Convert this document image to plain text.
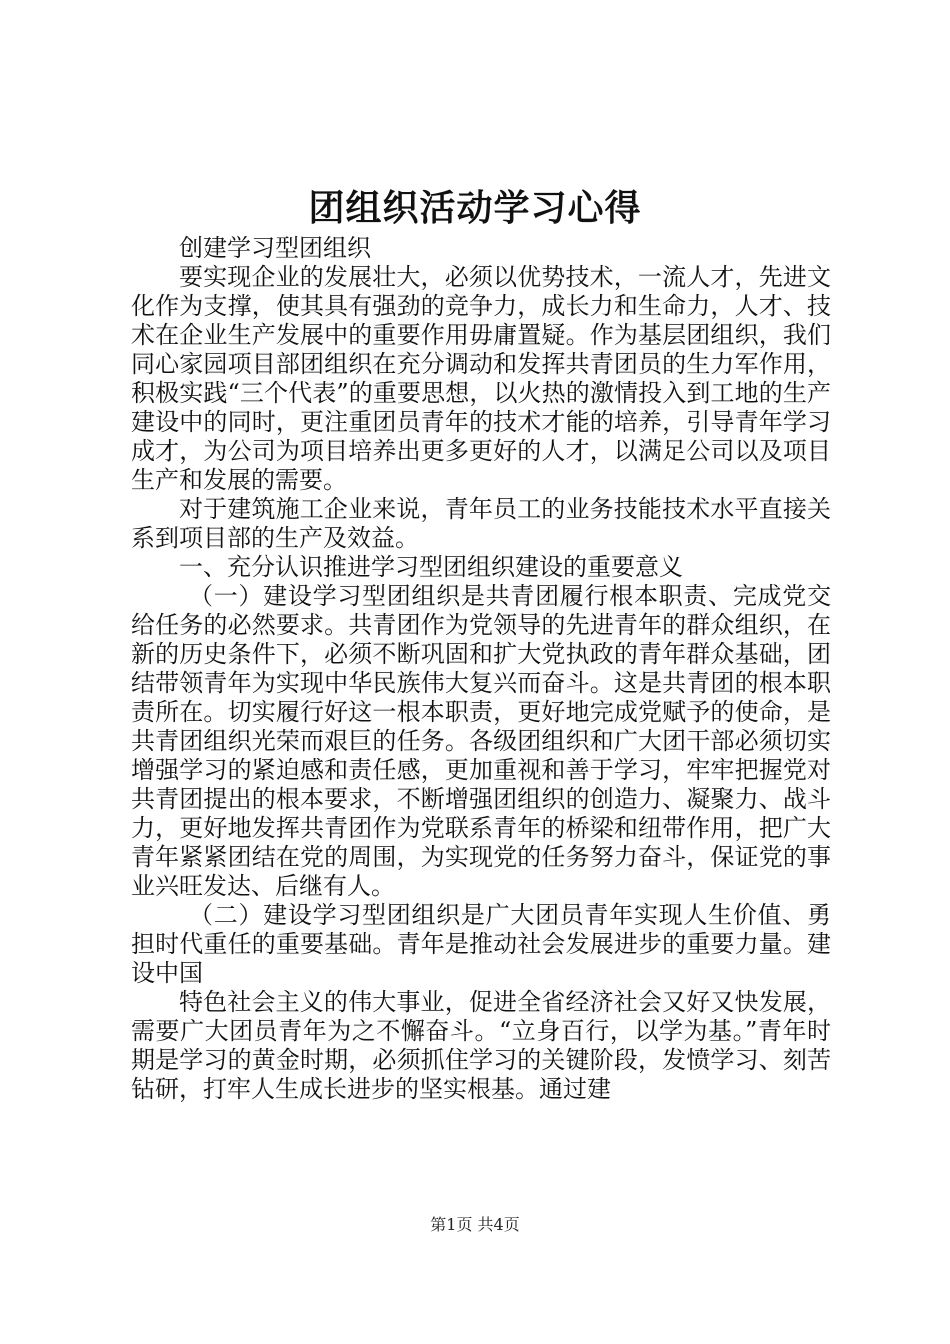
团组织活动学习心得

创建学习型团组织

要实现企业的发展壮大，必须以优势技术，一流人才，先进文化作为支撑，使其具有强劲的竞争力，成长力和生命力，人才、技术在企业生产发展中的重要作用毋庸置疑。作为基层团组织，我们同心家园项目部团组织在充分调动和发挥共青团员的生力军作用，积极实践“三个代表”的重要思想，以火热的激情投入到工地的生产建设中的同时，更注重团员青年的技术才能的培养，引导青年学习成才，为公司为项目培养出更多更好的人才，以满足公司以及项目生产和发展的需要。

对于建筑施工企业来说，青年员工的业务技能技术水平直接关系到项目部的生产及效益。

一、充分认识推进学习型团组织建设的重要意义

（一）建设学习型团组织是共青团履行根本职责、完成党交给任务的必然要求。共青团作为党领导的先进青年的群众组织，在新的历史条件下，必须不断巩固和扩大党执政的青年群众基础，团结带领青年为实现中华民族伟大复兴而奋斗。这是共青团的根本职责所在。切实履行好这一根本职责，更好地完成党赋予的使命，是共青团组织光荣而艰巨的任务。各级团组织和广大团干部必须切实增强学习的紧迫感和责任感，更加重视和善于学习，牢牢把握党对共青团提出的根本要求，不断增强团组织的创造力、凝聚力、战斗力，更好地发挥共青团作为党联系青年的桥梁和纽带作用，把广大青年紧紧团结在党的周围，为实现党的任务努力奋斗，保证党的事业兴旺发达、后继有人。

（二）建设学习型团组织是广大团员青年实现人生价值、勇担时代重任的重要基础。青年是推动社会发展进步的重要力量。建设中国

特色社会主义的伟大事业，促进全省经济社会又好又快发展，需要广大团员青年为之不懈奋斗。“立身百行，以学为基。”青年时期是学习的黄金时期，必须抓住学习的关键阶段，发愤学习、刻苦钻研，打牢人生成长进步的坚实根基。通过建

第1页 共4页
